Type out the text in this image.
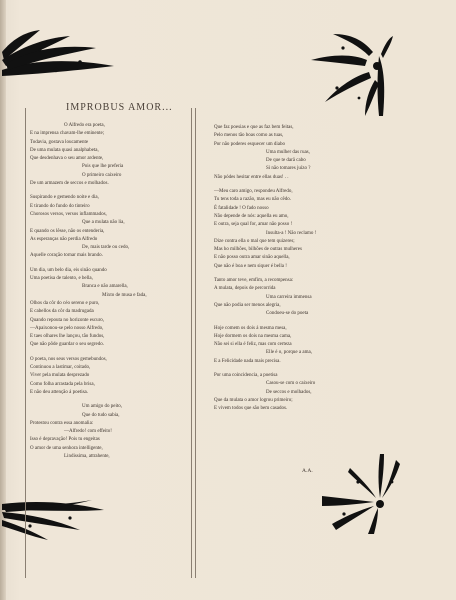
IMPROBUS AMOR...
O Alfredo era poeta,
E na imprensa chavam-lhe eminente;
Todavia, gostava loucamente
De uma mulata quasi analphabeta,
Que desdenhava o seu amor ardente,
Pois que lhe preferia
O primeiro caixeiro
De um armazem de seccos e molhados.
Suspirando e gemendo noite e dia,
E tirando do fundo do tinteiro
Chorosos versos, versos inflammados,
Que a mulata não lia,
E quando os lêsse, não os entenderia,
As esperanças não perdia Alfredo
De, mais tarde ou cedo,
Aquelle coração tornar mais brando.
Um dia, um belo dia, eis sinão quando
Uma poetisa de talento, e bella,
Branca e não amarella,
Mixto de musa e fada,
Olhos da côr do céo sereno e puro,
E cabellos da côr da madrugada
Quando repouta no horizonte escuro,
—Apaixonou-se pelo nosso Alfredo,
E taes olhares lhe lançou, tão fundos,
Que não pôde guardar o seu segredo.
O poeta, nos seus versos gemebundos,
Continuou a lastimar, coitado,
Viver pela mulata desprezado
Como folha arrastada pela brisa,
E não deu attenção á poetisa.
Um amigo do peito,
Que do tudo sabia,
Protestou contra essa anomalia:
—Alfredo! com effeito!
Isso é depravação! Pois tu engeitas
O amor de uma senhora intelligente,
Lindissima, attrahente,
Que faz poesias e que as faz bem feitas,
Pelo menos tão boas como as tuas,
Por não poderes esquecer um diabo
Uma mulher das ruas,
De que te darâ cabo
Si não tomares juízo ?
Não pódes hesitar entre ellas duas! . .
—Meu caro amigo, respondeu Alfredo,
Tu tens toda a razão, mas eu não cêdo.
É fatalidade ! O fado nosso
Não depende de nós: aquella eu amo,
E outra, seja qual for, amar não posso !
Insulta-a ! Não reclamo !
Dize contra ella o mal que tem quizeres;
Mas ho milhões, bilhões de outras mulheres
E não posso outra amar sinão aquella,
Que não é boa e nem siquer é bella !
Tanto amor teve, emfim, a recompensa:
A mulata, depois de percorrida
Uma carreira immensa
Que não podia ser menos alegria,
Condoeu-se do poeta
Hoje comem os dois á mesma mesa,
Hoje dormem os dois na mesma cama,
Não sei si ella é feliz, mas com certeza
Elle é o, porque a ama,
E a Felicidade nada mais precisa.
Por uma coincidencia, a poetisa
Casou-se com o caixeiro
De seccos e molhados,
Que da mulata o amor logrou primeiro;
E vivem todos que são bem casados.
A.A.
